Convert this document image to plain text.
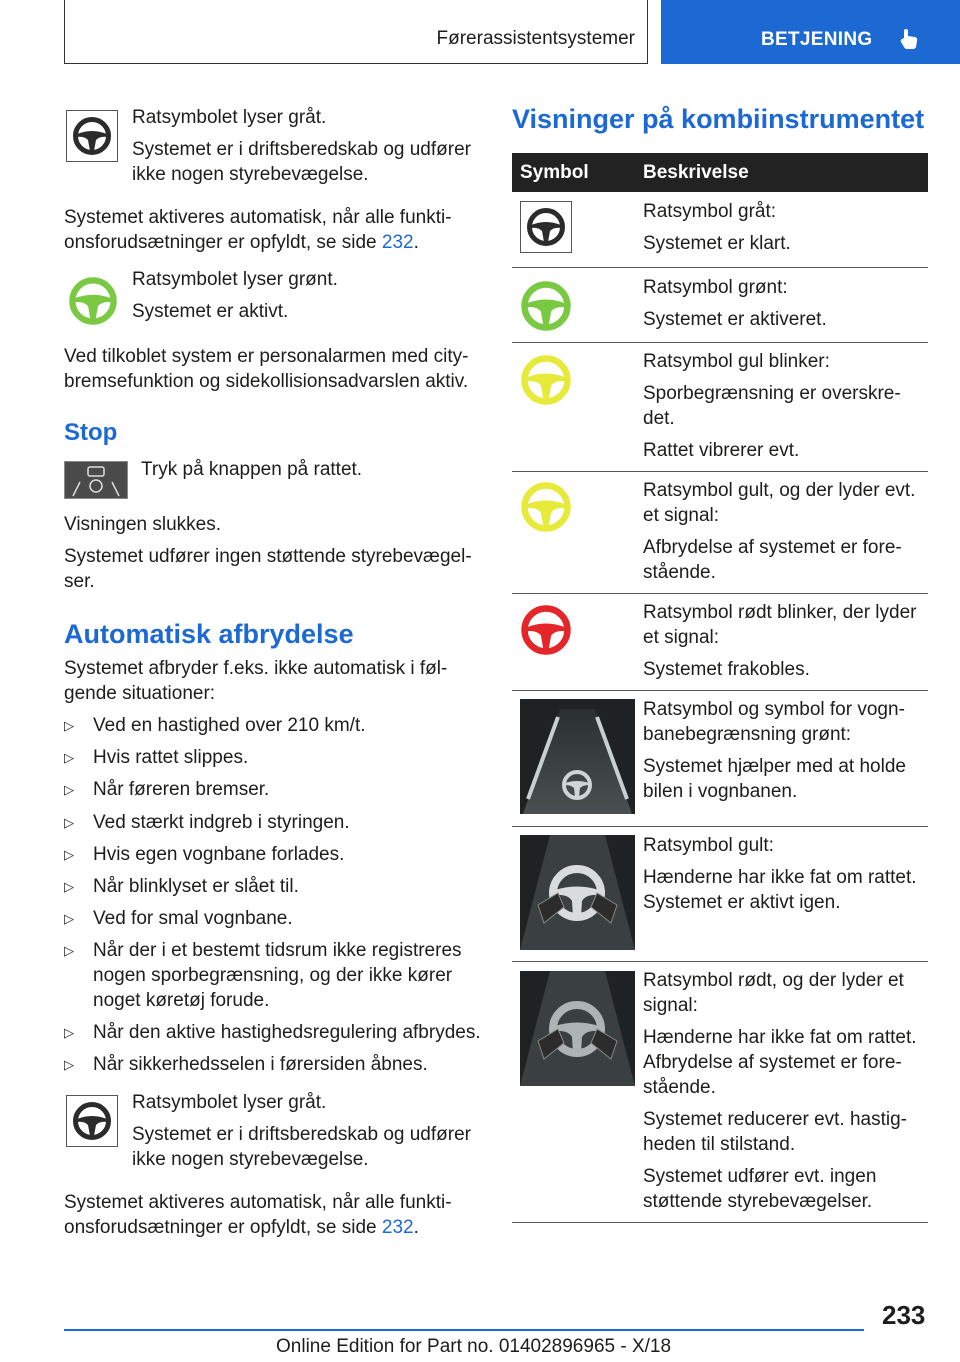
Førerassistentsystemer	BETJENING

Ratsymbolet lyser gråt.

Systemet er i driftsberedskab og udfører ikke nogen styrebevægelse.

Systemet aktiveres automatisk, når alle funktionsforudsætninger er opfyldt, se side 232.

Ratsymbolet lyser grønt.

Systemet er aktivt.

Ved tilkoblet system er personalarmen med citybremsefunktion og sidekollisionsadvarslen aktiv.
Stop
Tryk på knappen på rattet.
Visningen slukkes.
Systemet udfører ingen støttende styrebevægelser.
Automatisk afbrydelse
Systemet afbryder f.eks. ikke automatisk i følgende situationer:
▷ Ved en hastighed over 210 km/t.
▷ Hvis rattet slippes.
▷ Når føreren bremser.
▷ Ved stærkt indgreb i styringen.
▷ Hvis egen vognbane forlades.
▷ Når blinklyset er slået til.
▷ Ved for smal vognbane.
▷ Når der i et bestemt tidsrum ikke registreres nogen sporbegrænsning, og der ikke kører noget køretøj forude.
▷ Når den aktive hastighedsregulering afbrydes.
▷ Når sikkerhedsselen i førersiden åbnes.

Ratsymbolet lyser gråt.

Systemet er i driftsberedskab og udfører ikke nogen styrebevægelse.

Systemet aktiveres automatisk, når alle funktionsforudsætninger er opfyldt, se side 232.
Visninger på kombiinstrumentet
Symbol	Beskrivelse

Ratsymbol gråt:

Systemet er klart.

Ratsymbol grønt:

Systemet er aktiveret.

Ratsymbol gul blinker:

Sporbegrænsning er overskredet.

Rattet vibrerer evt.

Ratsymbol gult, og der lyder evt. et signal:

Afbrydelse af systemet er forestående.

Ratsymbol rødt blinker, der lyder et signal:

Systemet frakobles.

Ratsymbol og symbol for vognbanebegrænsning grønt:

Systemet hjælper med at holde bilen i vognbanen.

Ratsymbol gult:

Hænderne har ikke fat om rattet. Systemet er aktivt igen.

Ratsymbol rødt, og der lyder et signal:

Hænderne har ikke fat om rattet. Afbrydelse af systemet er forestående.

Systemet reducerer evt. hastigheden til stilstand.

Systemet udfører evt. ingen støttende styrebevægelser.

233
Online Edition for Part no. 01402896965 - X/18
